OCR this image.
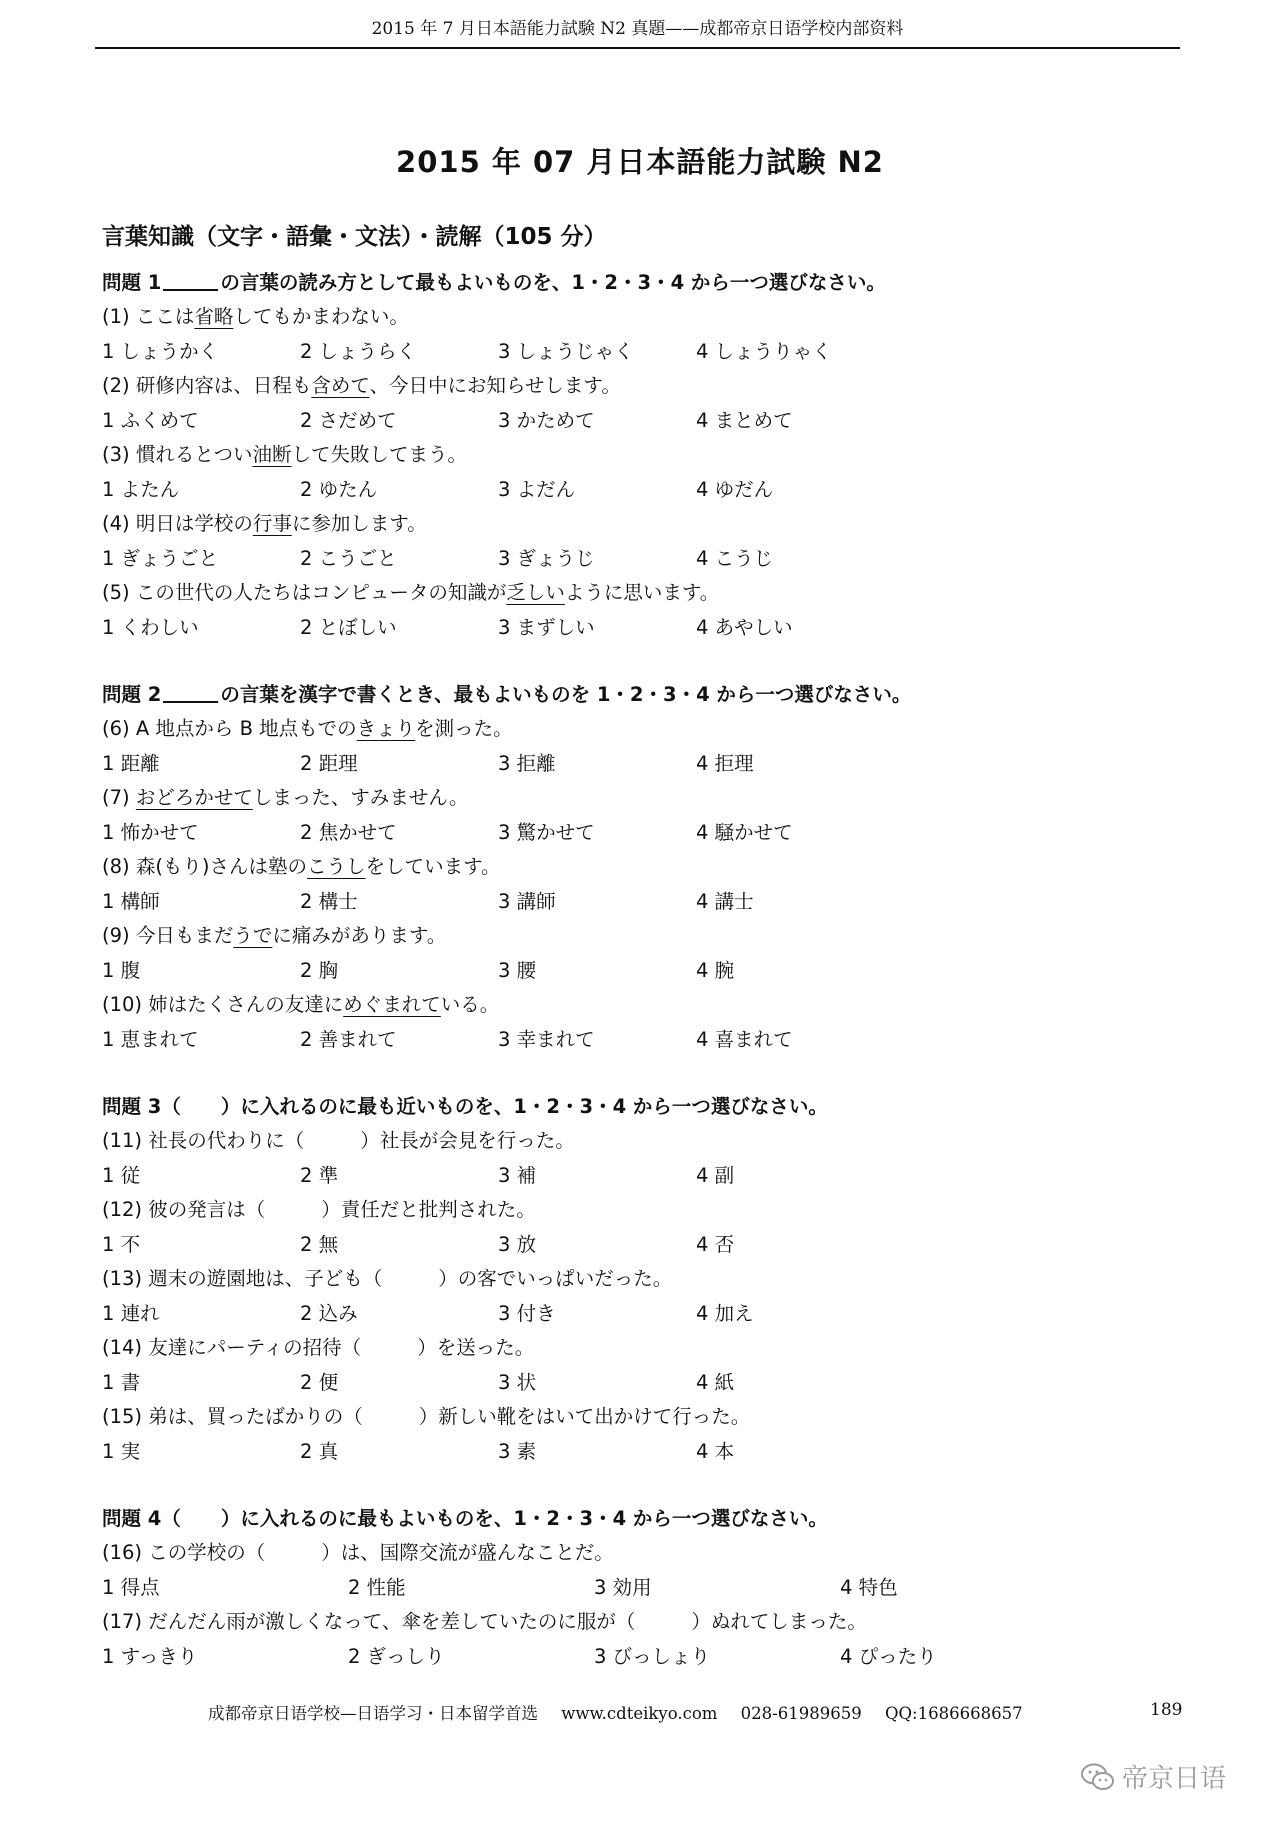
2015 年 7 月日本語能力試験 N2 真題——成都帝京日语学校内部资料
2015 年 07 月日本語能力試験 N2
言葉知識（文字・語彙・文法）・読解（105 分）
問題 1	の言葉の読み方として最もよいものを、1・2・3・4 から一つ選びなさい。
(1) ここは省略してもかまわない。
1 しょうかく	2 しょうらく	3 しょうじゃく	4 しょうりゃく
(2) 研修内容は、日程も含めて、今日中にお知らせします。
1 ふくめて	2 さだめて	3 かためて	4 まとめて
(3) 慣れるとつい油断して失敗してまう。
1 よたん	2 ゆたん	3 よだん	4 ゆだん
(4) 明日は学校の行事に参加します。
1 ぎょうごと	2 こうごと	3 ぎょうじ	4 こうじ
(5) この世代の人たちはコンピュータの知識が乏しいように思います。
1 くわしい	2 とぼしい	3 まずしい	4 あやしい
問題 2	の言葉を漢字で書くとき、最もよいものを 1・2・3・4 から一つ選びなさい。
(6) A 地点から B 地点もでのきょりを測った。
1 距離	2 距理	3 拒離	4 拒理
(7) おどろかせてしまった、すみません。
1 怖かせて	2 焦かせて	3 驚かせて	4 騒かせて
(8) 森(もり)さんは塾のこうしをしています。
1 構師	2 構士	3 講師	4 講士
(9) 今日もまだうでに痛みがあります。
1 腹	2 胸	3 腰	4 腕
(10) 姉はたくさんの友達にめぐまれている。
1 恵まれて	2 善まれて	3 幸まれて	4 喜まれて
問題 3（ ）に入れるのに最も近いものを、1・2・3・4 から一つ選びなさい。
(11) 社長の代わりに（	）社長が会見を行った。
1 従	2 準	3 補	4 副
(12) 彼の発言は（	）責任だと批判された。
1 不	2 無	3 放	4 否
(13) 週末の遊園地は、子ども（	）の客でいっぱいだった。
1 連れ	2 込み	3 付き	4 加え
(14) 友達にパーティの招待（	）を送った。
1 書	2 便	3 状	4 紙
(15) 弟は、買ったばかりの（	）新しい靴をはいて出かけて行った。
1 実	2 真	3 素	4 本
問題 4（ ）に入れるのに最もよいものを、1・2・3・4 から一つ選びなさい。
(16) この学校の（	）は、国際交流が盛んなことだ。
1 得点	2 性能	3 効用	4 特色
(17) だんだん雨が激しくなって、傘を差していたのに服が（	）ぬれてしまった。
1 すっきり	2 ぎっしり	3 びっしょり	4 ぴったり
成都帝京日语学校—日语学习・日本留学首选 www.cdteikyo.com 028-61989659 QQ:1686668657	189
帝京日语
